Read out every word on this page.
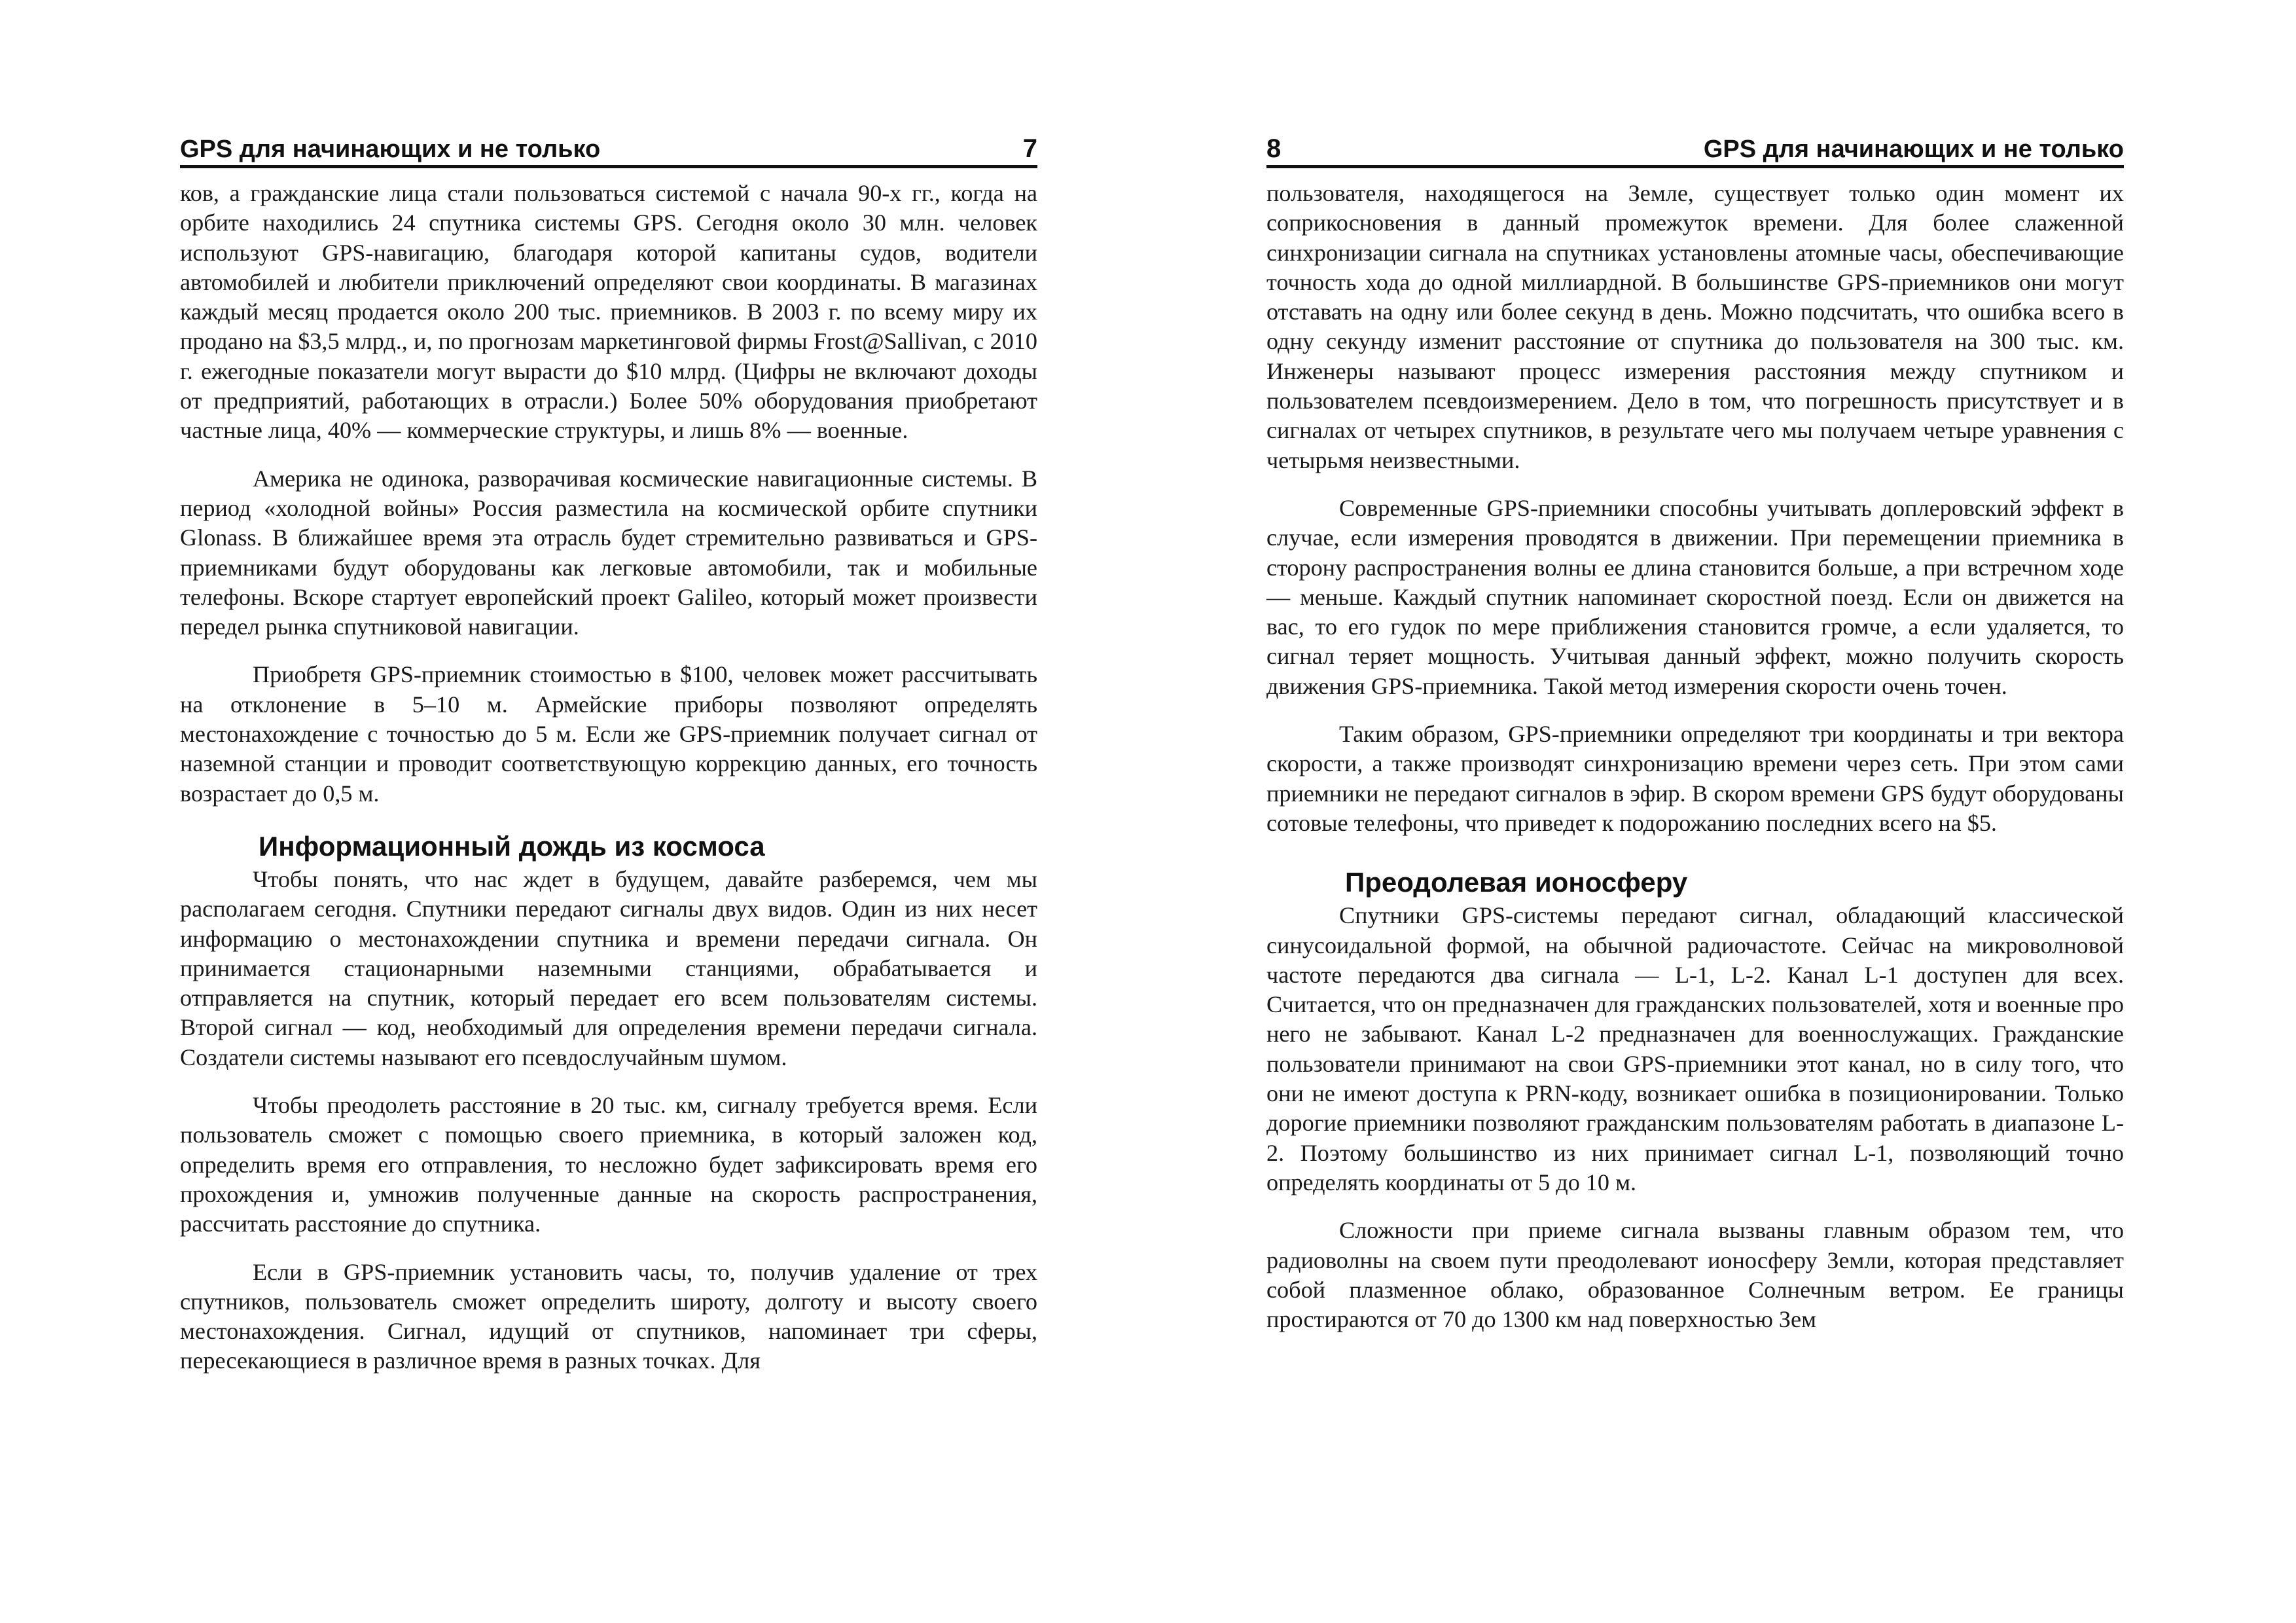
GPS для начинающих и не только	7

ков, а гражданские лица стали пользоваться системой с начала 90-х гг., когда на орбите находились 24 спутника системы GPS. Сегодня около 30 млн. человек используют GPS-навигацию, благодаря которой капитаны судов, водители автомобилей и любители приключений определяют свои координаты. В магазинах каждый месяц продается около 200 тыс. приемников. В 2003 г. по всему миру их продано на $3,5 млрд., и, по прогнозам маркетинговой фирмы Frost@Sallivan, с 2010 г. ежегодные показатели могут вырасти до $10 млрд. (Цифры не включают доходы от предприятий, работающих в отрасли.) Более 50% оборудования приобретают частные лица, 40% — коммерческие структуры, и лишь 8% — военные.

Америка не одинока, разворачивая космические навигационные системы. В период «холодной войны» Россия разместила на космической орбите спутники Glonass. В ближайшее время эта отрасль будет стремительно развиваться и GPS-приемниками будут оборудованы как легковые автомобили, так и мобильные телефоны. Вскоре стартует европейский проект Galileo, который может произвести передел рынка спутниковой навигации.

Приобретя GPS-приемник стоимостью в $100, человек может рассчитывать на отклонение в 5–10 м. Армейские приборы позволяют определять местонахождение с точностью до 5 м. Если же GPS-приемник получает сигнал от наземной станции и проводит соответствующую коррекцию данных, его точность возрастает до 0,5 м.

Информационный дождь из космоса

Чтобы понять, что нас ждет в будущем, давайте разберемся, чем мы располагаем сегодня. Спутники передают сигналы двух видов. Один из них несет информацию о местонахождении спутника и времени передачи сигнала. Он принимается стационарными наземными станциями, обрабатывается и отправляется на спутник, который передает его всем пользователям системы. Второй сигнал — код, необходимый для определения времени передачи сигнала. Создатели системы называют его псевдослучайным шумом.

Чтобы преодолеть расстояние в 20 тыс. км, сигналу требуется время. Если пользователь сможет с помощью своего приемника, в который заложен код, определить время его отправления, то несложно будет зафиксировать время его прохождения и, умножив полученные данные на скорость распространения, рассчитать расстояние до спутника.

Если в GPS-приемник установить часы, то, получив удаление от трех спутников, пользователь сможет определить широту, долготу и высоту своего местонахождения. Сигнал, идущий от спутников, напоминает три сферы, пересекающиеся в различное время в разных точках. Для

8	GPS для начинающих и не только

пользователя, находящегося на Земле, существует только один момент их соприкосновения в данный промежуток времени. Для более слаженной синхронизации сигнала на спутниках установлены атомные часы, обеспечивающие точность хода до одной миллиардной. В большинстве GPS-приемников они могут отставать на одну или более секунд в день. Можно подсчитать, что ошибка всего в одну секунду изменит расстояние от спутника до пользователя на 300 тыс. км. Инженеры называют процесс измерения расстояния между спутником и пользователем псевдоизмерением. Дело в том, что погрешность присутствует и в сигналах от четырех спутников, в результате чего мы получаем четыре уравнения с четырьмя неизвестными.

Современные GPS-приемники способны учитывать доплеровский эффект в случае, если измерения проводятся в движении. При перемещении приемника в сторону распространения волны ее длина становится больше, а при встречном ходе — меньше. Каждый спутник напоминает скоростной поезд. Если он движется на вас, то его гудок по мере приближения становится громче, а если удаляется, то сигнал теряет мощность. Учитывая данный эффект, можно получить скорость движения GPS-приемника. Такой метод измерения скорости очень точен.

Таким образом, GPS-приемники определяют три координаты и три вектора скорости, а также производят синхронизацию времени через сеть. При этом сами приемники не передают сигналов в эфир. В скором времени GPS будут оборудованы сотовые телефоны, что приведет к подорожанию последних всего на $5.

Преодолевая ионосферу

Спутники GPS-системы передают сигнал, обладающий классической синусоидальной формой, на обычной радиочастоте. Сейчас на микроволновой частоте передаются два сигнала — L-1, L-2. Канал L-1 доступен для всех. Считается, что он предназначен для гражданских пользователей, хотя и военные про него не забывают. Канал L-2 предназначен для военнослужащих. Гражданские пользователи принимают на свои GPS-приемники этот канал, но в силу того, что они не имеют доступа к PRN-коду, возникает ошибка в позиционировании. Только дорогие приемники позволяют гражданским пользователям работать в диапазоне L-2. Поэтому большинство из них принимает сигнал L-1, позволяющий точно определять координаты от 5 до 10 м.

Сложности при приеме сигнала вызваны главным образом тем, что радиоволны на своем пути преодолевают ионосферу Земли, которая представляет собой плазменное облако, образованное Солнечным ветром. Ее границы простираются от 70 до 1300 км над поверхностью Зем
